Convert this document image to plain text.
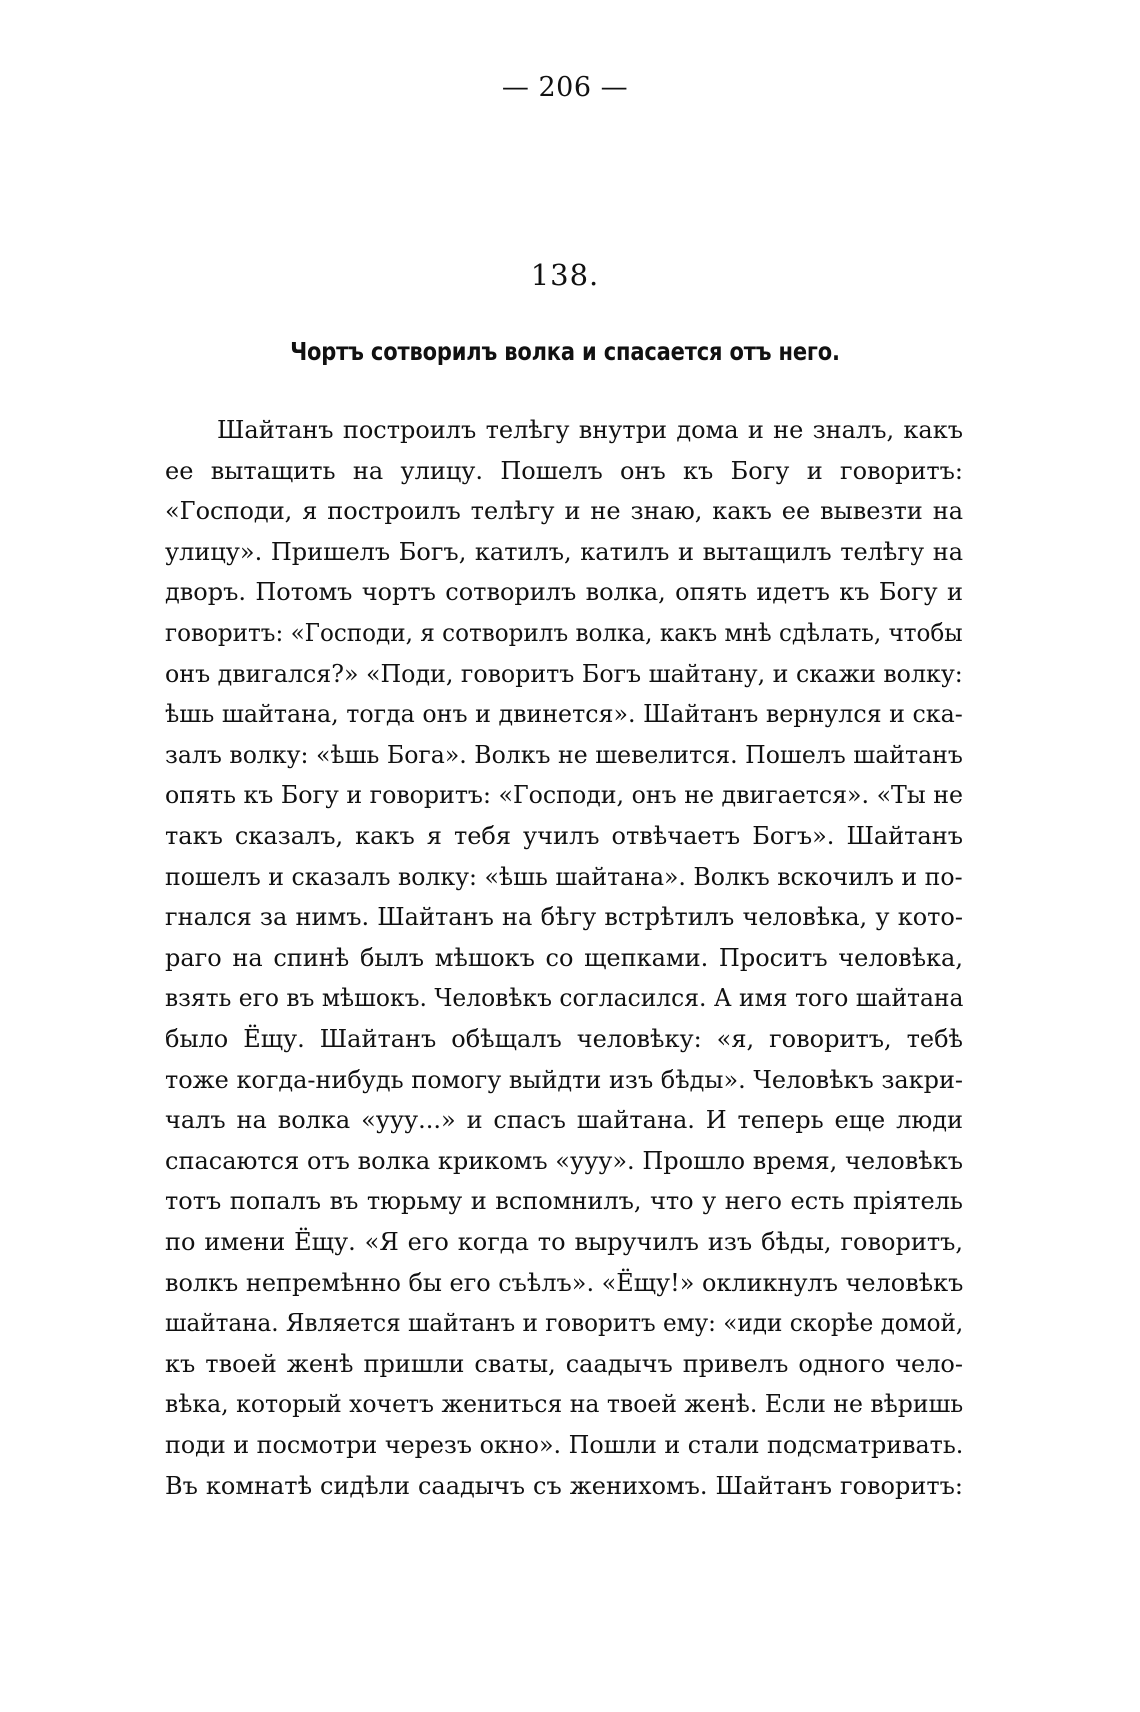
— 206 —
138.
Чортъ сотворилъ волка и спасается отъ него.
Шайтанъ построилъ телѣгу внутри дома и не зналъ, какъ
ее вытащить на улицу. Пошелъ онъ къ Богу и говоритъ:
«Господи, я построилъ телѣгу и не знаю, какъ ее вывезти на
улицу». Пришелъ Богъ, катилъ, катилъ и вытащилъ телѣгу на
дворъ. Потомъ чортъ сотворилъ волка, опять идетъ къ Богу и
говоритъ: «Господи, я сотворилъ волка, какъ мнѣ сдѣлать, чтобы
онъ двигался?» «Поди, говоритъ Богъ шайтану, и скажи волку:
ѣшь шайтана, тогда онъ и двинется». Шайтанъ вернулся и ска-
залъ волку: «ѣшь Бога». Волкъ не шевелится. Пошелъ шайтанъ
опять къ Богу и говоритъ: «Господи, онъ не двигается». «Ты не
такъ сказалъ, какъ я тебя училъ отвѣчаетъ Богъ». Шайтанъ
пошелъ и сказалъ волку: «ѣшь шайтана». Волкъ вскочилъ и по-
гнался за нимъ. Шайтанъ на бѣгу встрѣтилъ человѣка, у кото-
раго на спинѣ былъ мѣшокъ со щепками. Проситъ человѣка,
взять его въ мѣшокъ. Человѣкъ согласился. А имя того шайтана
было Ёщу. Шайтанъ обѣщалъ человѣку: «я, говоритъ, тебѣ
тоже когда-нибудь помогу выйдти изъ бѣды». Человѣкъ закри-
чалъ на волка «ууу...» и спасъ шайтана. И теперь еще люди
спасаются отъ волка крикомъ «ууу». Прошло время, человѣкъ
тотъ попалъ въ тюрьму и вспомнилъ, что у него есть пріятель
по имени Ёщу. «Я его когда то выручилъ изъ бѣды, говоритъ,
волкъ непремѣнно бы его съѣлъ». «Ёщу!» окликнулъ человѣкъ
шайтана. Является шайтанъ и говоритъ ему: «иди скорѣе домой,
къ твоей женѣ пришли сваты, саадычъ привелъ одного чело-
вѣка, который хочетъ жениться на твоей женѣ. Если не вѣришь
поди и посмотри черезъ окно». Пошли и стали подсматривать.
Въ комнатѣ сидѣли саадычъ съ женихомъ. Шайтанъ говоритъ:
